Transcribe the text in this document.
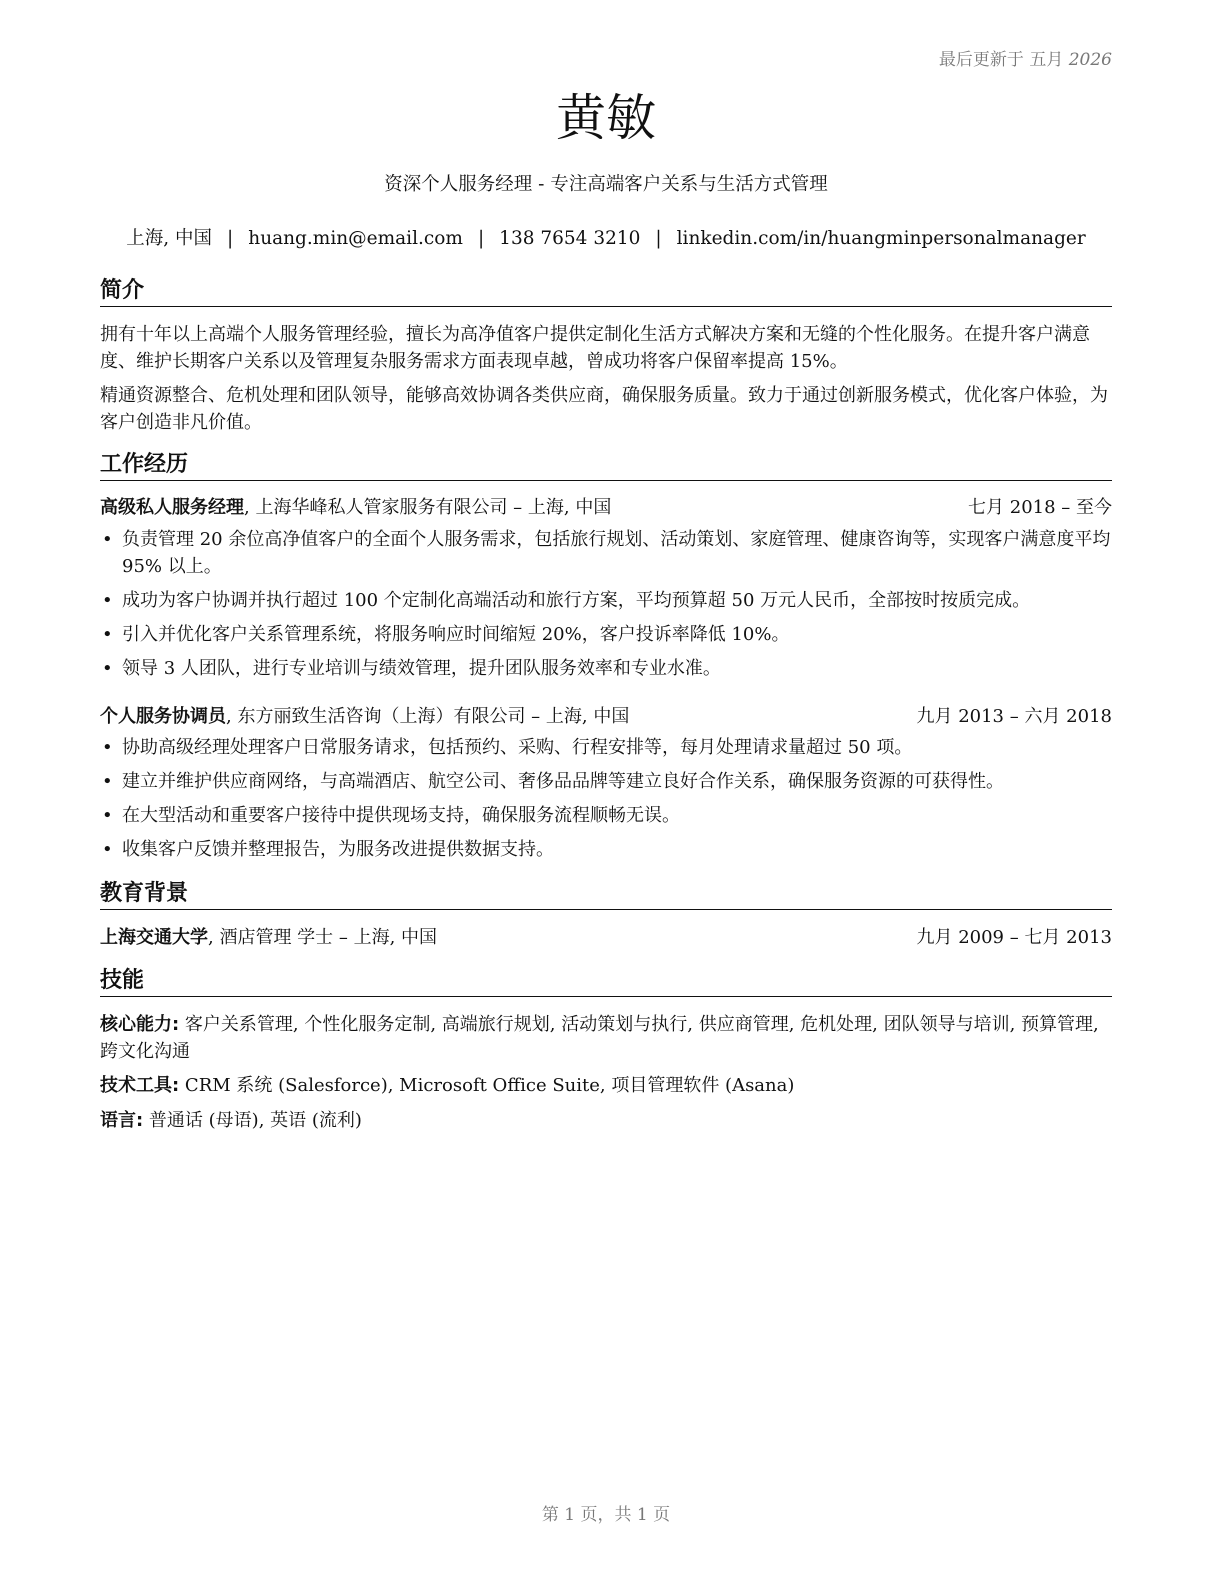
最后更新于 五月 2026
黄敏
资深个人服务经理 - 专注高端客户关系与生活方式管理
上海, 中国 | huang.min@email.com | 138 7654 3210 | linkedin.com/in/huangminpersonalmanager
简介
拥有十年以上高端个人服务管理经验，擅长为高净值客户提供定制化生活方式解决方案和无缝的个性化服务。在提升客户满意度、维护长期客户关系以及管理复杂服务需求方面表现卓越，曾成功将客户保留率提高 15%。
精通资源整合、危机处理和团队领导，能够高效协调各类供应商，确保服务质量。致力于通过创新服务模式，优化客户体验，为客户创造非凡价值。
工作经历
高级私人服务经理, 上海华峰私人管家服务有限公司 – 上海, 中国	七月 2018 – 至今
• 负责管理 20 余位高净值客户的全面个人服务需求，包括旅行规划、活动策划、家庭管理、健康咨询等，实现客户满意度平均 95% 以上。
• 成功为客户协调并执行超过 100 个定制化高端活动和旅行方案，平均预算超 50 万元人民币，全部按时按质完成。
• 引入并优化客户关系管理系统，将服务响应时间缩短 20%，客户投诉率降低 10%。
• 领导 3 人团队，进行专业培训与绩效管理，提升团队服务效率和专业水准。
个人服务协调员, 东方丽致生活咨询（上海）有限公司 – 上海, 中国	九月 2013 – 六月 2018
• 协助高级经理处理客户日常服务请求，包括预约、采购、行程安排等，每月处理请求量超过 50 项。
• 建立并维护供应商网络，与高端酒店、航空公司、奢侈品品牌等建立良好合作关系，确保服务资源的可获得性。
• 在大型活动和重要客户接待中提供现场支持，确保服务流程顺畅无误。
• 收集客户反馈并整理报告，为服务改进提供数据支持。
教育背景
上海交通大学, 酒店管理 学士 – 上海, 中国	九月 2009 – 七月 2013
技能
核心能力: 客户关系管理, 个性化服务定制, 高端旅行规划, 活动策划与执行, 供应商管理, 危机处理, 团队领导与培训, 预算管理, 跨文化沟通
技术工具: CRM 系统 (Salesforce), Microsoft Office Suite, 项目管理软件 (Asana)
语言: 普通话 (母语), 英语 (流利)
第 1 页，共 1 页
